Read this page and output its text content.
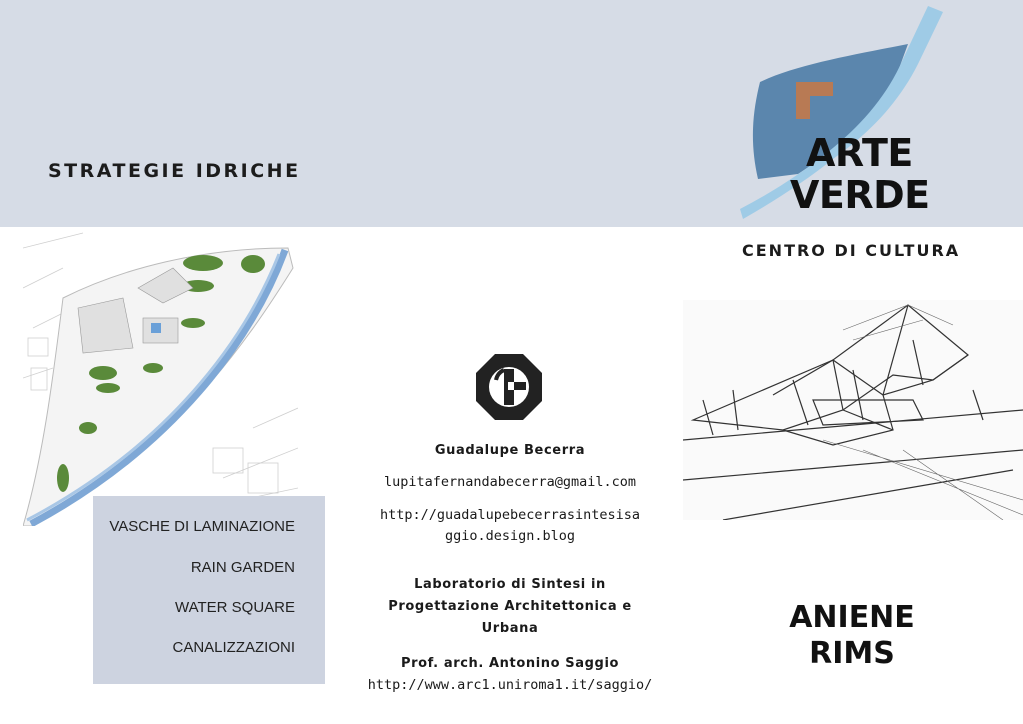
STRATEGIE IDRICHE	ARTE
VERDE
CENTRO DI CULTURA
VASCHE DI LAMINAZIONE
RAIN GARDEN
WATER SQUARE
CANALIZZAZIONI
Guadalupe Becerra
lupitafernandabecerra@gmail.com
http://guadalupebecerrasintesisa
ggio.design.blog
Laboratorio di Sintesi in
Progettazione Architettonica e
Urbana
Prof. arch. Antonino Saggio
http://www.arc1.uniroma1.it/saggio/
ANIENE
RIMS
